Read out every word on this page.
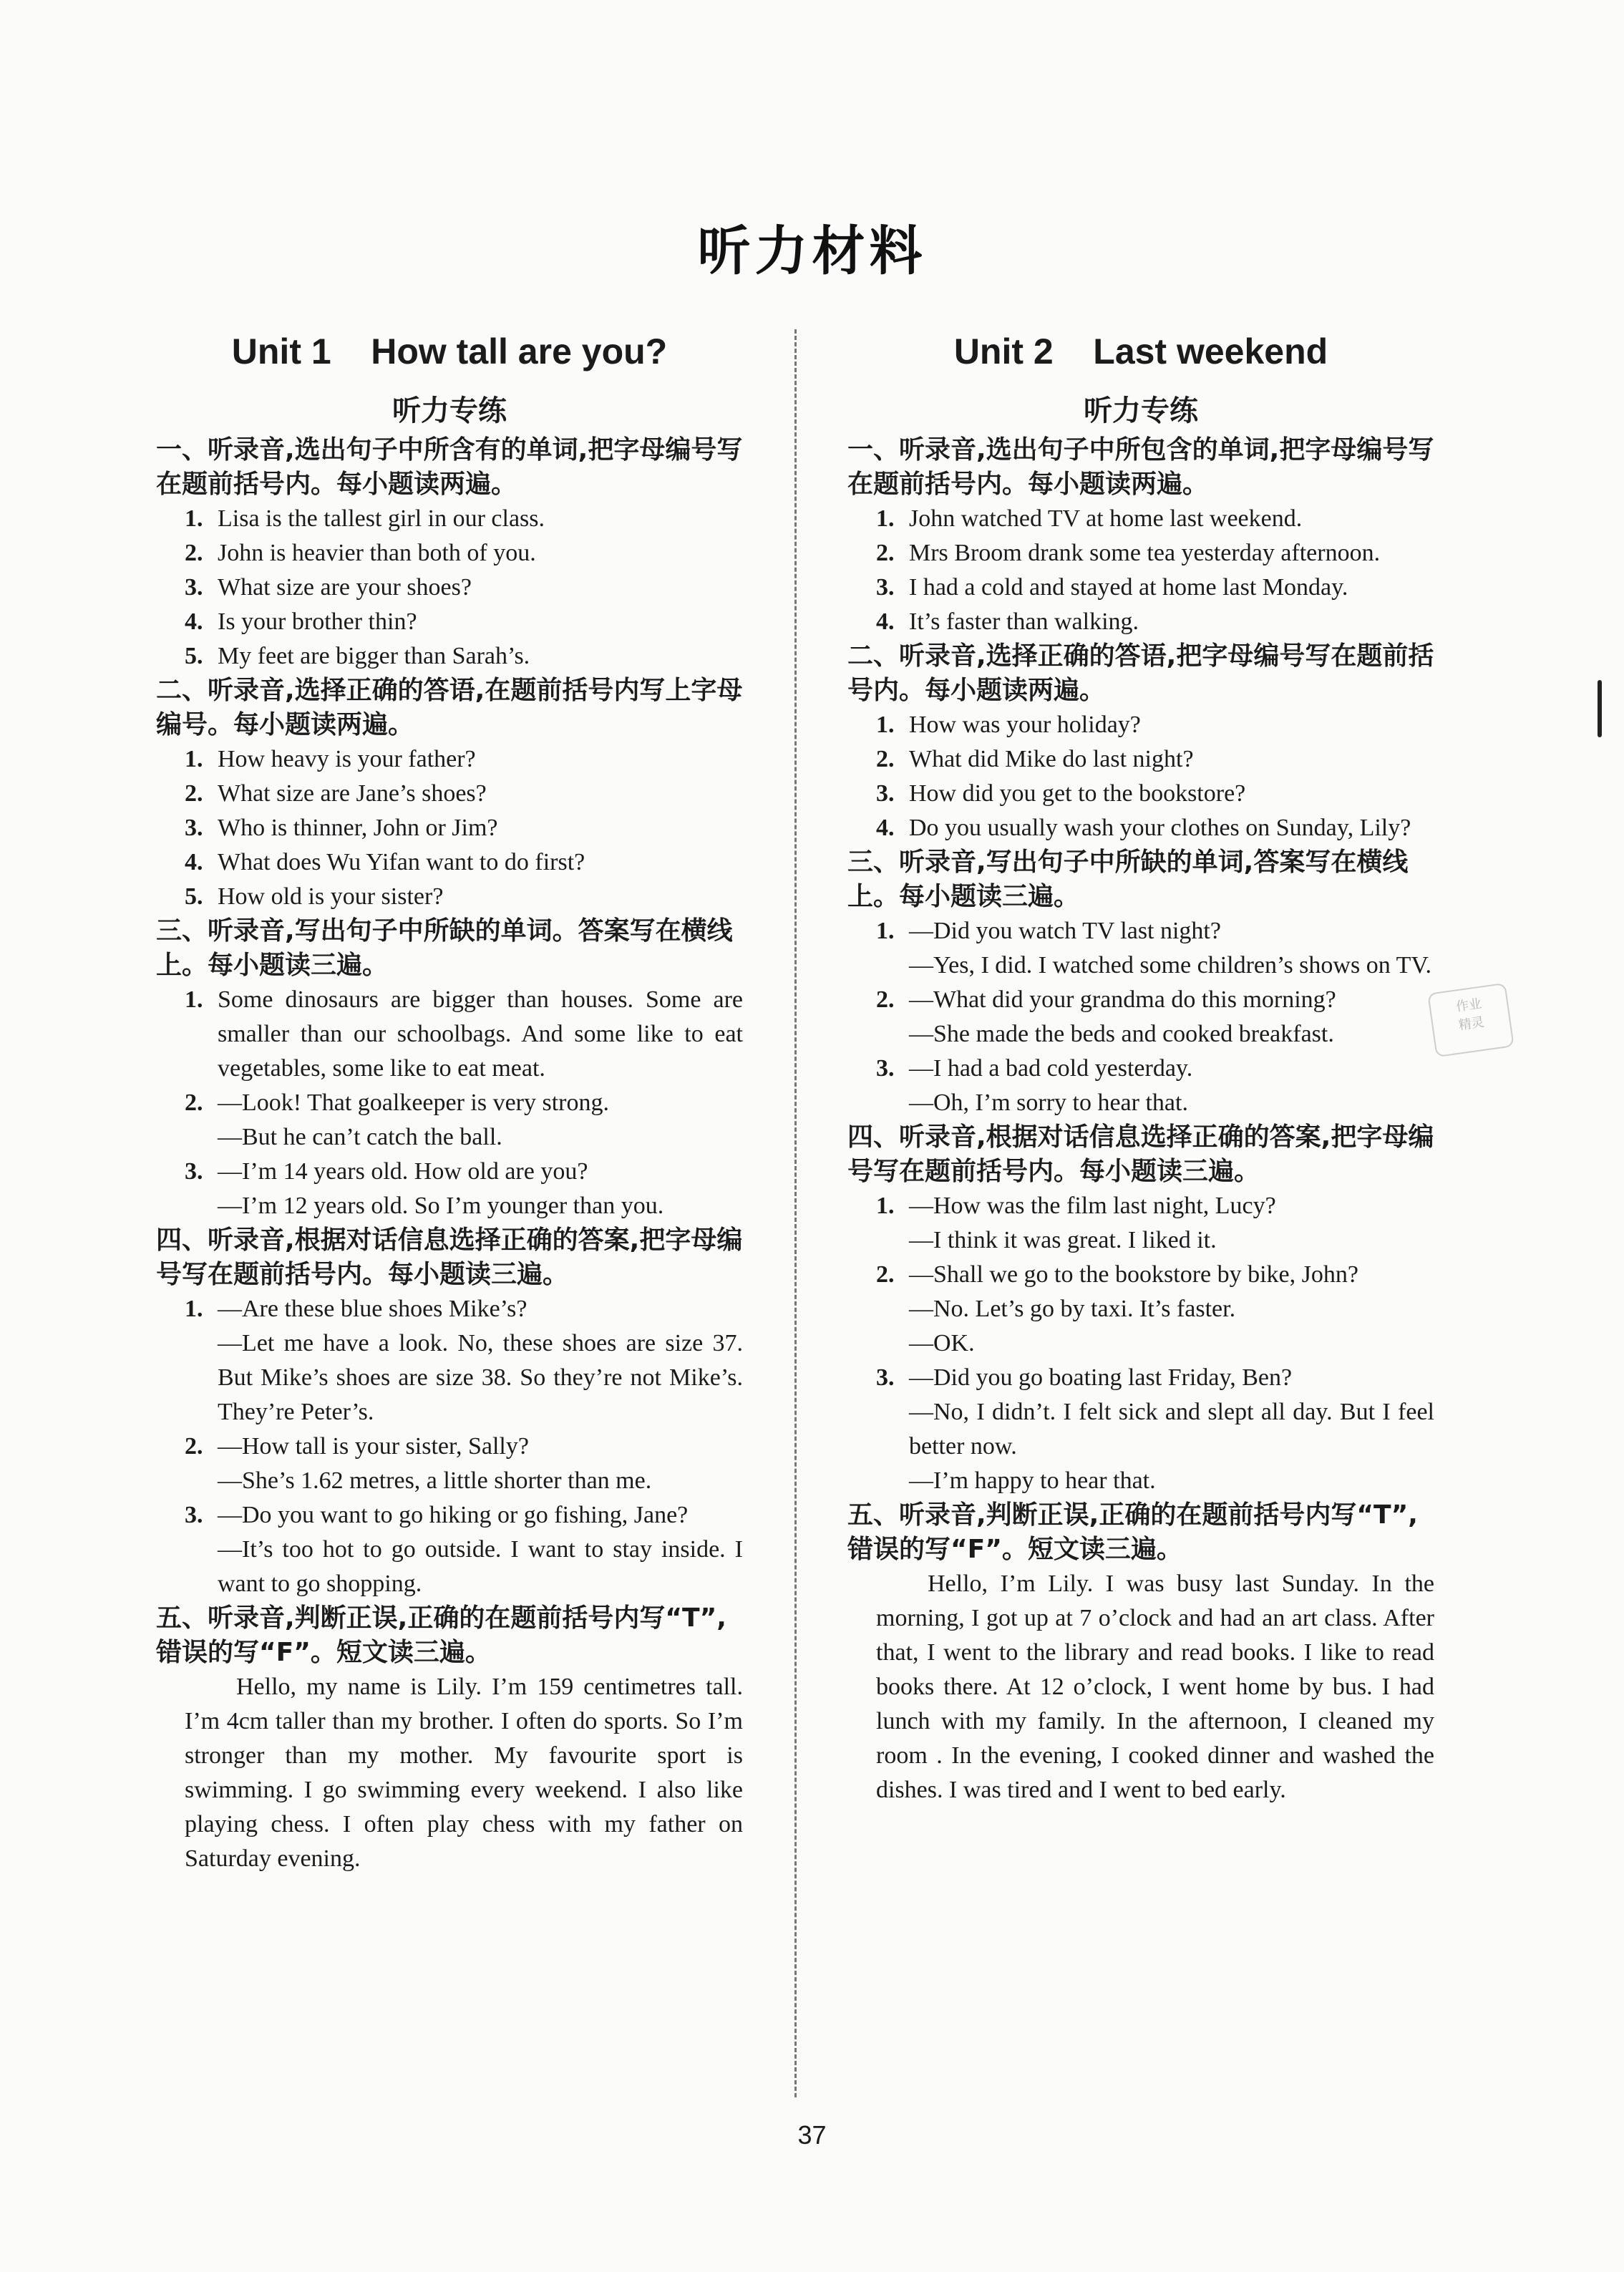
听力材料
Unit 1    How tall are you?
听力专练

一、听录音,选出句子中所含有的单词,把字母编号写在题前括号内。每小题读两遍。

1. Lisa is the tallest girl in our class.
2. John is heavier than both of you.
3. What size are your shoes?
4. Is your brother thin?
5. My feet are bigger than Sarah’s.

二、听录音,选择正确的答语,在题前括号内写上字母编号。每小题读两遍。

1. How heavy is your father?
2. What size are Jane’s shoes?
3. Who is thinner, John or Jim?
4. What does Wu Yifan want to do first?
5. How old is your sister?

三、听录音,写出句子中所缺的单词。答案写在横线上。每小题读三遍。

1. Some dinosaurs are bigger than houses. Some are smaller than our schoolbags. And some like to eat vegetables, some like to eat meat.
2. —Look! That goalkeeper is very strong.
—But he can’t catch the ball.
3. —I’m 14 years old. How old are you?
—I’m 12 years old. So I’m younger than you.

四、听录音,根据对话信息选择正确的答案,把字母编号写在题前括号内。每小题读三遍。

1. —Are these blue shoes Mike’s?
—Let me have a look. No, these shoes are size 37. But Mike’s shoes are size 38. So they’re not Mike’s. They’re Peter’s.
2. —How tall is your sister, Sally?
—She’s 1.62 metres, a little shorter than me.
3. —Do you want to go hiking or go fishing, Jane?
—It’s too hot to go outside. I want to stay inside. I want to go shopping.

五、听录音,判断正误,正确的在题前括号内写“T”,错误的写“F”。短文读三遍。

Hello, my name is Lily. I’m 159 centimetres tall. I’m 4cm taller than my brother. I often do sports. So I’m stronger than my mother. My favourite sport is swimming. I go swimming every weekend. I also like playing chess. I often play chess with my father on Saturday evening.

Unit 2    Last weekend
听力专练

一、听录音,选出句子中所包含的单词,把字母编号写在题前括号内。每小题读两遍。

1. John watched TV at home last weekend.
2. Mrs Broom drank some tea yesterday afternoon.
3. I had a cold and stayed at home last Monday.
4. It’s faster than walking.

二、听录音,选择正确的答语,把字母编号写在题前括号内。每小题读两遍。

1. How was your holiday?
2. What did Mike do last night?
3. How did you get to the bookstore?
4. Do you usually wash your clothes on Sunday, Lily?

三、听录音,写出句子中所缺的单词,答案写在横线上。每小题读三遍。

1. —Did you watch TV last night?
—Yes, I did. I watched some children’s shows on TV.
2. —What did your grandma do this morning?
—She made the beds and cooked breakfast.
3. —I had a bad cold yesterday.
—Oh, I’m sorry to hear that.

四、听录音,根据对话信息选择正确的答案,把字母编号写在题前括号内。每小题读三遍。

1. —How was the film last night, Lucy?
—I think it was great. I liked it.
2. —Shall we go to the bookstore by bike, John?
—No. Let’s go by taxi. It’s faster.
—OK.
3. —Did you go boating last Friday, Ben?
—No, I didn’t. I felt sick and slept all day. But I feel better now.
—I’m happy to hear that.

五、听录音,判断正误,正确的在题前括号内写“T”,错误的写“F”。短文读三遍。

Hello, I’m Lily. I was busy last Sunday. In the morning, I got up at 7 o’clock and had an art class. After that, I went to the library and read books. I like to read books there. At 12 o’clock, I went home by bus. I had lunch with my family. In the afternoon, I cleaned my room . In the evening, I cooked dinner and washed the dishes. I was tired and I went to bed early.

作业
精灵
37
